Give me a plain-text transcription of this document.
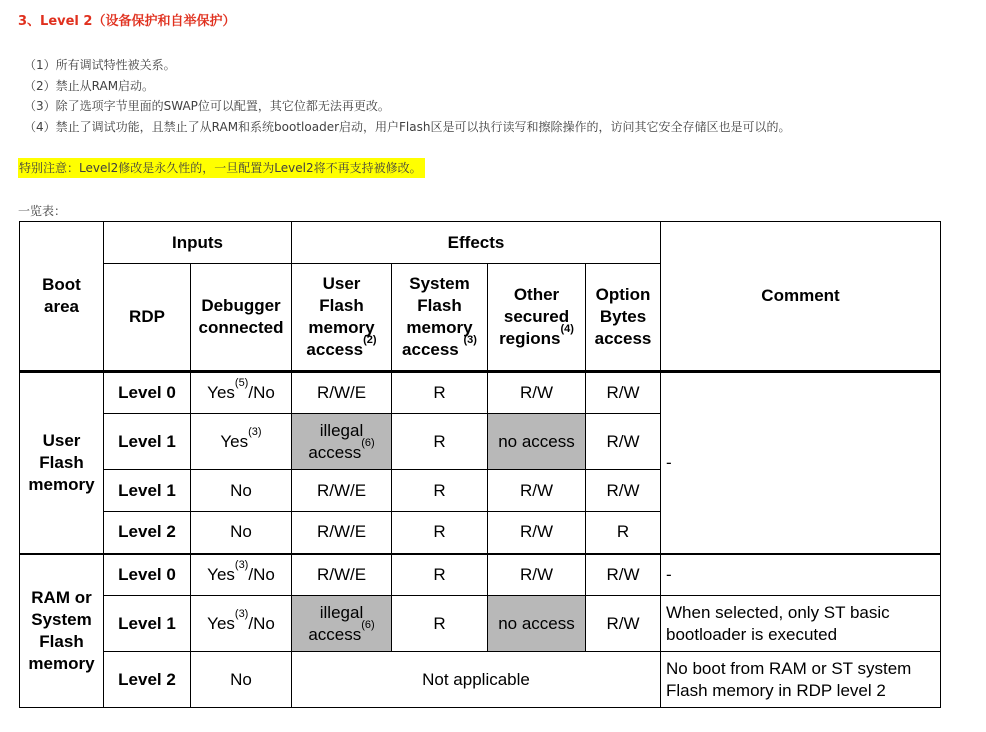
3、Level 2（设备保护和自举保护）
（1）所有调试特性被关系。
（2）禁止从RAM启动。
（3）除了选项字节里面的SWAP位可以配置，其它位都无法再更改。
（4）禁止了调试功能，且禁止了从RAM和系统bootloader启动，用户Flash区是可以执行读写和擦除操作的，访问其它安全存储区也是可以的。
特别注意：Level2修改是永久性的，一旦配置为Level2将不再支持被修改。
一览表：
Boot
area	Inputs		Effects				Comment
	RDP	Debugger
connected	User
Flash
memory
access$^{(2)}$	System
Flash
memory
access $^{(3)}$	Other
secured
regions$^{(4)}$	Option
Bytes
access	
User
Flash
memory	Level 0	Yes$^{(5)}$/No	R/W/E	R	R/W	R/W	-
	Level 1	Yes$^{(3)}$	illegal
access$^{(6)}$	R	no access	R/W	
	Level 1	No	R/W/E	R	R/W	R/W	
	Level 2	No	R/W/E	R	R/W	R	
RAM or
System
Flash
memory	Level 0	Yes$^{(3)}$/No	R/W/E	R	R/W	R/W	-
	Level 1	Yes$^{(3)}$/No	illegal
access$^{(6)}$	R	no access	R/W	When selected, only ST basic
bootloader is executed
	Level 2	No	Not applicable				No boot from RAM or ST system
Flash memory in RDP level 2
